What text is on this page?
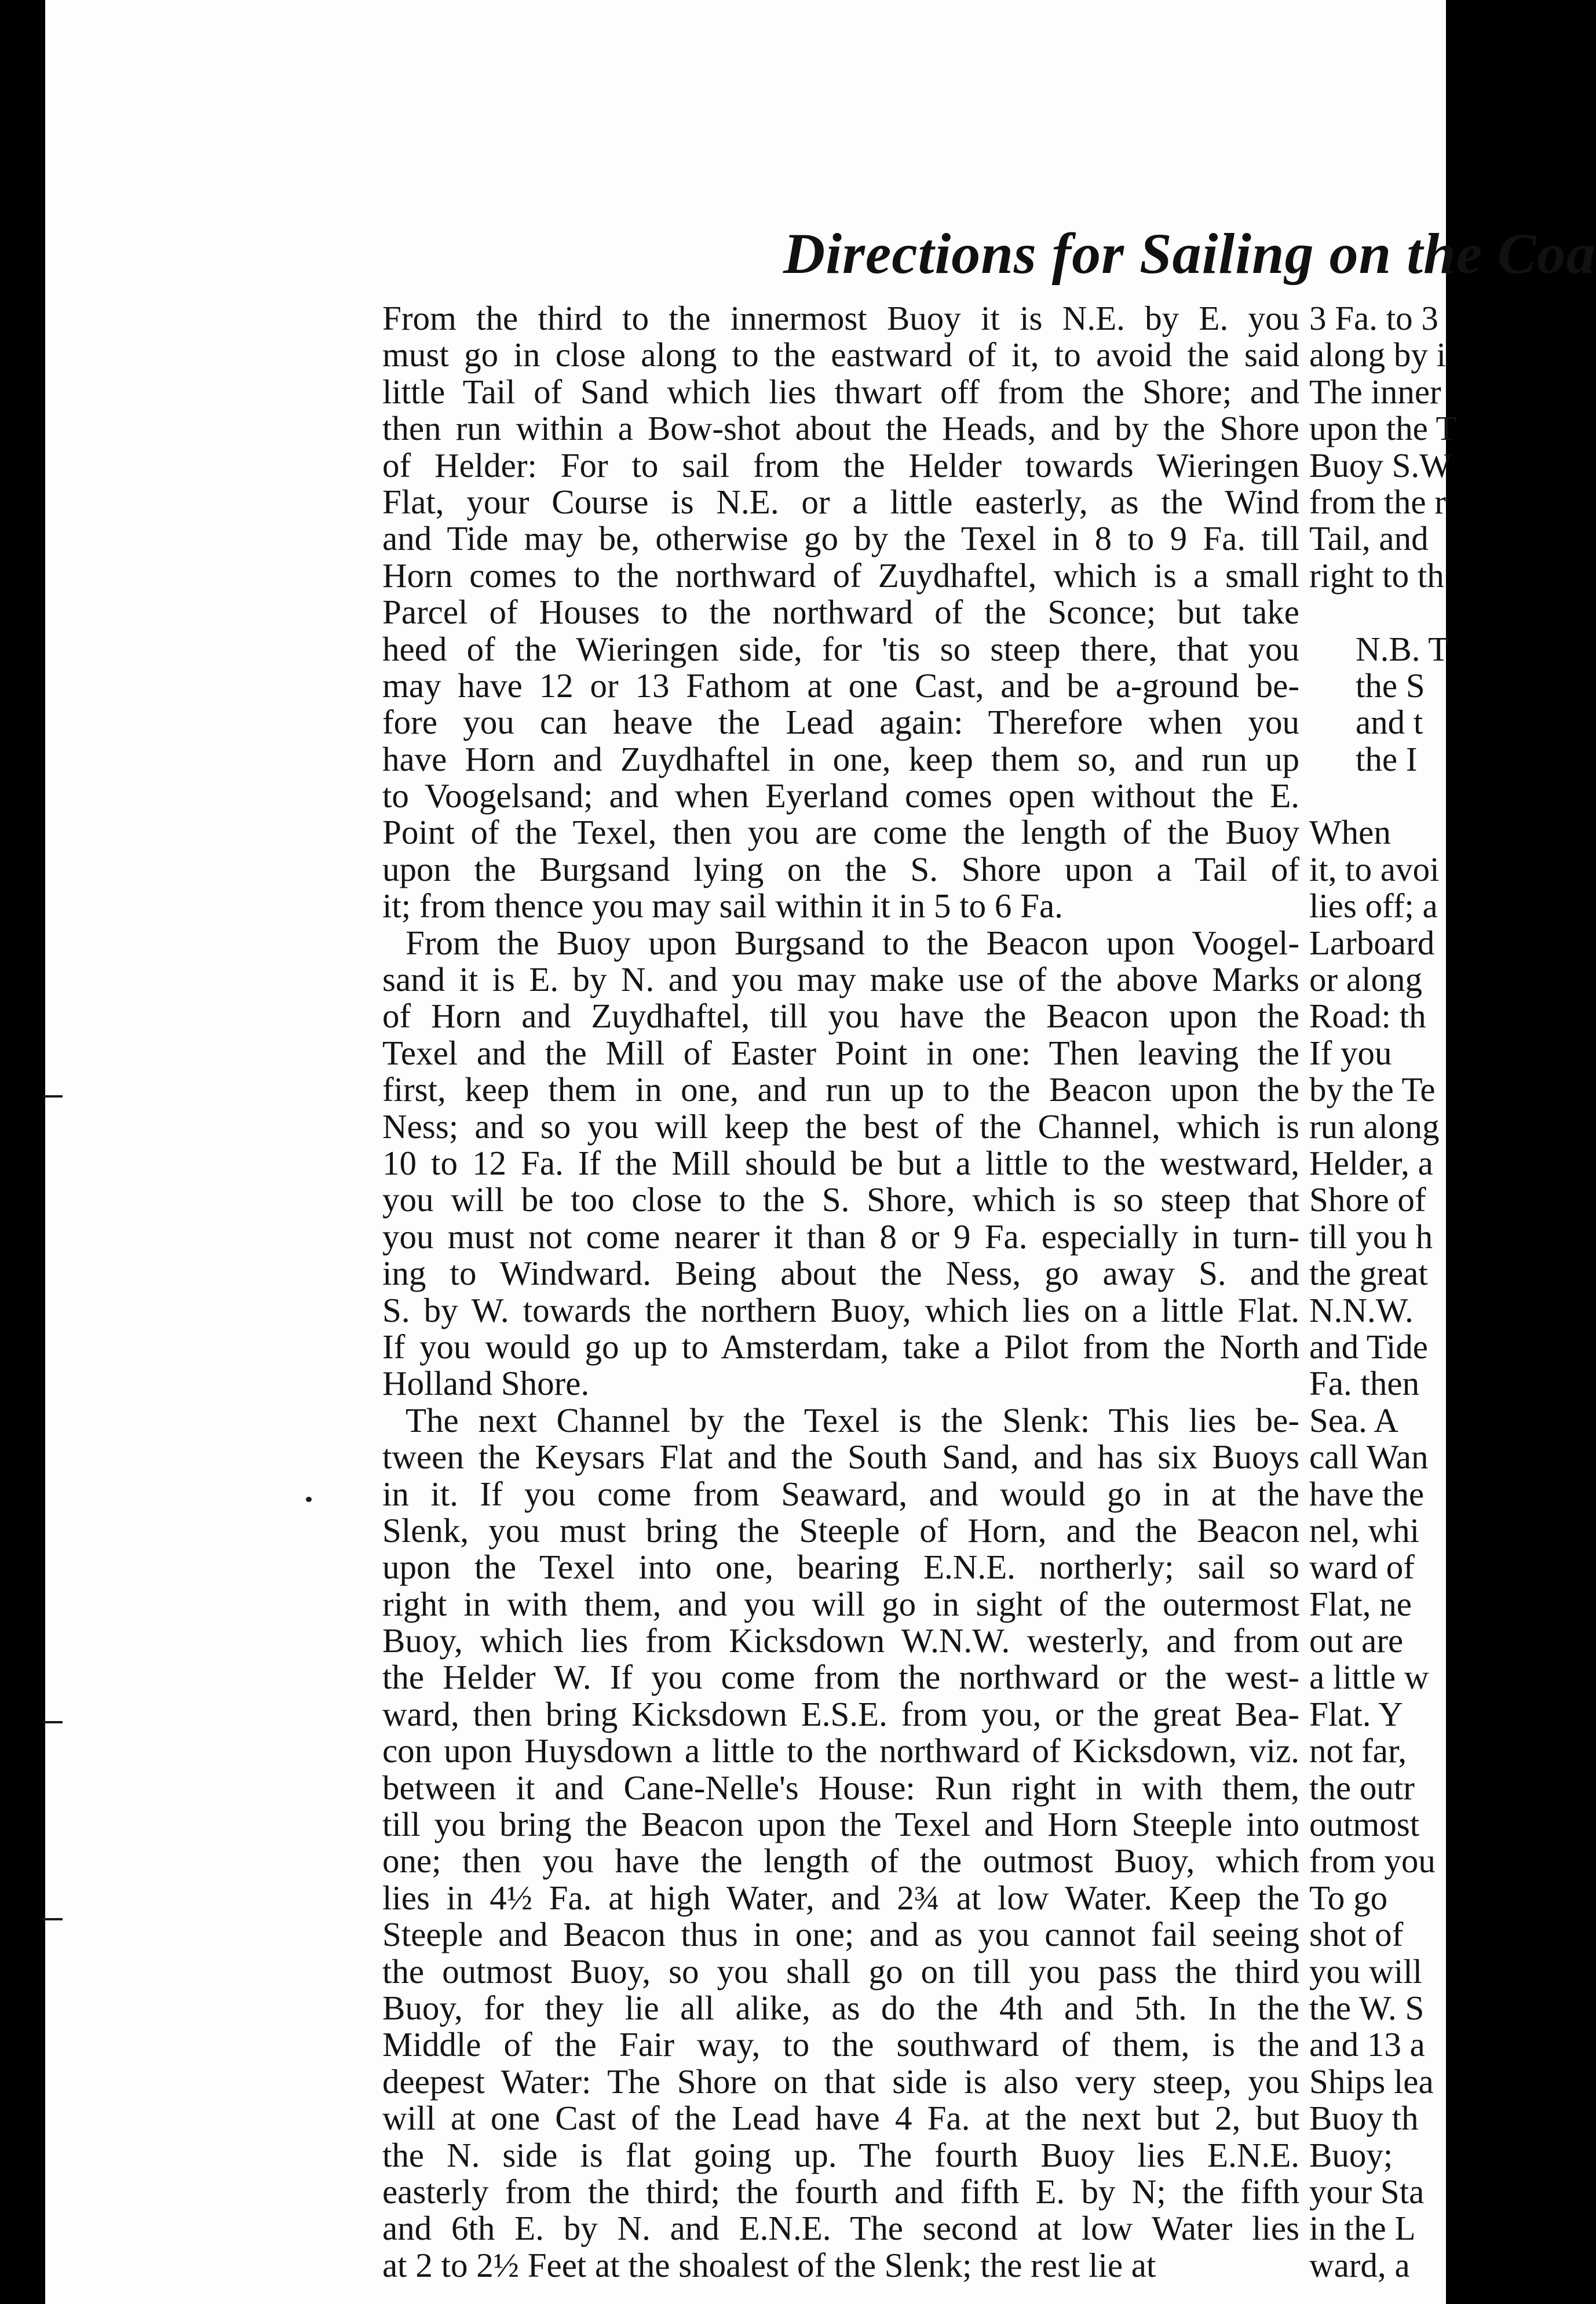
Directions for Sailing on the Coa
From the third to the innermost Buoy it is N.E. by E. you
must go in close along to the eastward of it, to avoid the said
little Tail of Sand which lies thwart off from the Shore; and
then run within a Bow-shot about the Heads, and by the Shore
of Helder: For to sail from the Helder towards Wieringen
Flat, your Course is N.E. or a little easterly, as the Wind
and Tide may be, otherwise go by the Texel in 8 to 9 Fa. till
Horn comes to the northward of Zuydhaftel, which is a small
Parcel of Houses to the northward of the Sconce; but take
heed of the Wieringen side, for 'tis so steep there, that you
may have 12 or 13 Fathom at one Cast, and be a-ground be-
fore you can heave the Lead again: Therefore when you
have Horn and Zuydhaftel in one, keep them so, and run up
to Voogelsand; and when Eyerland comes open without the E.
Point of the Texel, then you are come the length of the Buoy
upon the Burgsand lying on the S. Shore upon a Tail of
it; from thence you may sail within it in 5 to 6 Fa.
From the Buoy upon Burgsand to the Beacon upon Voogel-
sand it is E. by N. and you may make use of the above Marks
of Horn and Zuydhaftel, till you have the Beacon upon the
Texel and the Mill of Easter Point in one: Then leaving the
first, keep them in one, and run up to the Beacon upon the
Ness; and so you will keep the best of the Channel, which is
10 to 12 Fa. If the Mill should be but a little to the westward,
you will be too close to the S. Shore, which is so steep that
you must not come nearer it than 8 or 9 Fa. especially in turn-
ing to Windward. Being about the Ness, go away S. and
S. by W. towards the northern Buoy, which lies on a little Flat.
If you would go up to Amsterdam, take a Pilot from the North
Holland Shore.
The next Channel by the Texel is the Slenk: This lies be-
tween the Keysars Flat and the South Sand, and has six Buoys
in it. If you come from Seaward, and would go in at the
Slenk, you must bring the Steeple of Horn, and the Beacon
upon the Texel into one, bearing E.N.E. northerly; sail so
right in with them, and you will go in sight of the outermost
Buoy, which lies from Kicksdown W.N.W. westerly, and from
the Helder W. If you come from the northward or the west-
ward, then bring Kicksdown E.S.E. from you, or the great Bea-
con upon Huysdown a little to the northward of Kicksdown, viz.
between it and Cane-Nelle's House: Run right in with them,
till you bring the Beacon upon the Texel and Horn Steeple into
one; then you have the length of the outmost Buoy, which
lies in 4½ Fa. at high Water, and 2¾ at low Water. Keep the
Steeple and Beacon thus in one; and as you cannot fail seeing
the outmost Buoy, so you shall go on till you pass the third
Buoy, for they lie all alike, as do the 4th and 5th. In the
Middle of the Fair way, to the southward of them, is the
deepest Water: The Shore on that side is also very steep, you
will at one Cast of the Lead have 4 Fa. at the next but 2, but
the N. side is flat going up. The fourth Buoy lies E.N.E.
easterly from the third; the fourth and fifth E. by N; the fifth
and 6th E. by N. and E.N.E. The second at low Water lies
at 2 to 2½ Feet at the shoalest of the Slenk; the rest lie at
3 Fa. to 3
along by i
The inner
upon the T
Buoy S.W
from the r
Tail, and
right to th
N.B. T
the S
and t
the I
When
it, to avoi
lies off; a
Larboard
or along
Road: th
If you
by the Te
run along
Helder, a
Shore of
till you h
the great
N.N.W.
and Tide
Fa. then
Sea. A
call Wan
have the
nel, whi
ward of
Flat, ne
out are
a little w
Flat. Y
not far,
the outr
outmost
from you
To go
shot of
you will
the W. S
and 13 a
Ships lea
Buoy th
Buoy;
your Sta
in the L
ward, a
